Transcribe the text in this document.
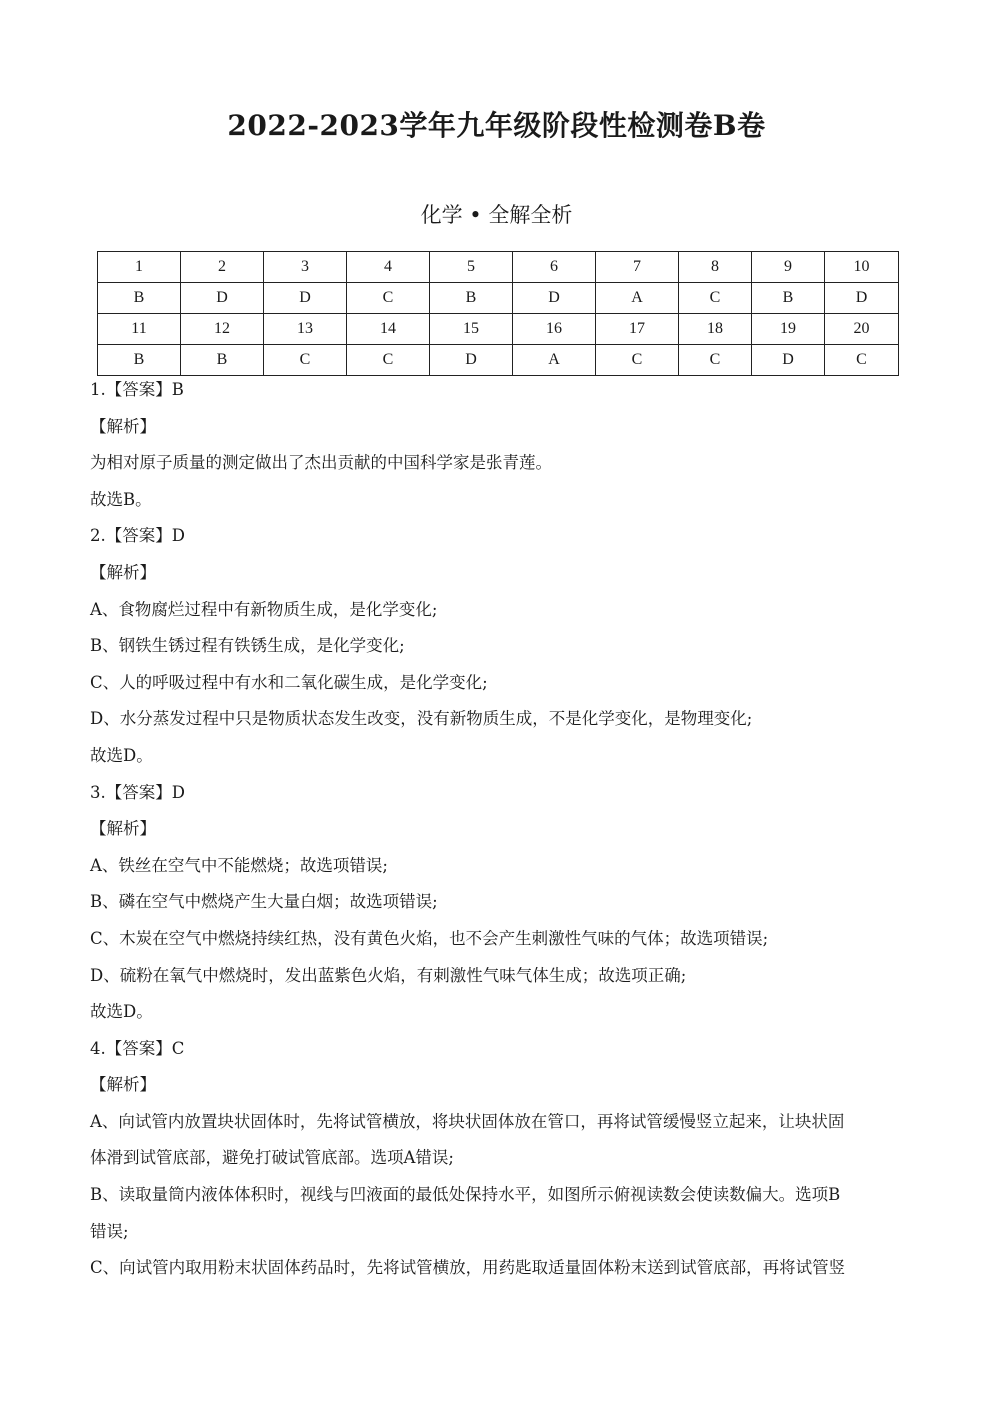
2022-2023学年九年级阶段性检测卷B卷
化学 • 全解全析
1	2	3	4	5	6	7	8	9	10
B	D	D	C	B	D	A	C	B	D
11	12	13	14	15	16	17	18	19	20
B	B	C	C	D	A	C	C	D	C
1.【答案】B
【解析】
为相对原子质量的测定做出了杰出贡献的中国科学家是张青莲。
故选B。
2.【答案】D
【解析】
A、食物腐烂过程中有新物质生成，是化学变化;
B、钢铁生锈过程有铁锈生成，是化学变化;
C、人的呼吸过程中有水和二氧化碳生成，是化学变化;
D、水分蒸发过程中只是物质状态发生改变，没有新物质生成，不是化学变化，是物理变化;
故选D。
3.【答案】D
【解析】
A、铁丝在空气中不能燃烧；故选项错误;
B、磷在空气中燃烧产生大量白烟；故选项错误;
C、木炭在空气中燃烧持续红热，没有黄色火焰，也不会产生刺激性气味的气体；故选项错误;
D、硫粉在氧气中燃烧时，发出蓝紫色火焰，有刺激性气味气体生成；故选项正确;
故选D。
4.【答案】C
【解析】
A、向试管内放置块状固体时，先将试管横放，将块状固体放在管口，再将试管缓慢竖立起来，让块状固
体滑到试管底部，避免打破试管底部。选项A错误;
B、读取量筒内液体体积时，视线与凹液面的最低处保持水平，如图所示俯视读数会使读数偏大。选项B
错误;
C、向试管内取用粉末状固体药品时，先将试管横放，用药匙取适量固体粉末送到试管底部，再将试管竖
